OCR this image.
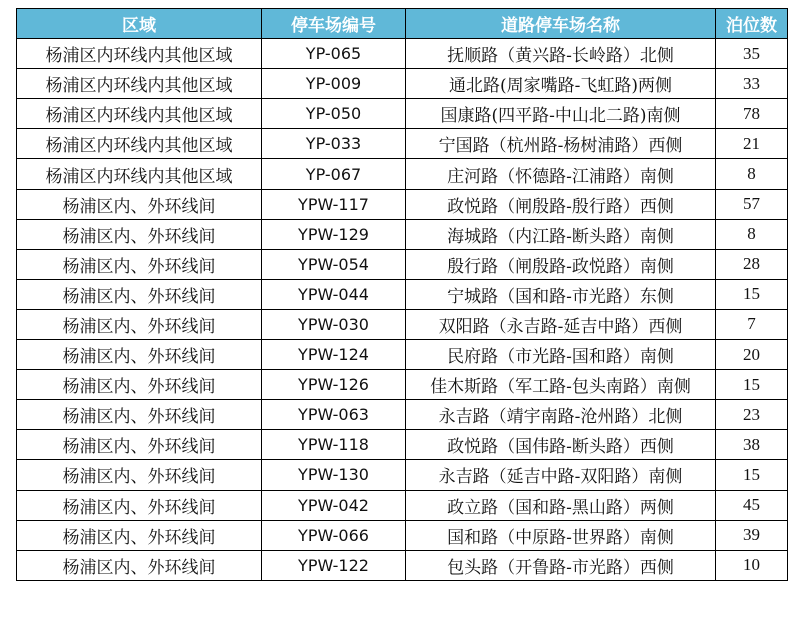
区域	停车场编号	道路停车场名称	泊位数
杨浦区内环线内其他区域	YP-065	抚顺路（黄兴路-长岭路）北侧	35
杨浦区内环线内其他区域	YP-009	通北路(周家嘴路-飞虹路)两侧	33
杨浦区内环线内其他区域	YP-050	国康路(四平路-中山北二路)南侧	78
杨浦区内环线内其他区域	YP-033	宁国路（杭州路-杨树浦路）西侧	21
杨浦区内环线内其他区域	YP-067	庄河路（怀德路-江浦路）南侧	8
杨浦区内、外环线间	YPW-117	政悦路（闸殷路-殷行路）西侧	57
杨浦区内、外环线间	YPW-129	海城路（内江路-断头路）南侧	8
杨浦区内、外环线间	YPW-054	殷行路（闸殷路-政悦路）南侧	28
杨浦区内、外环线间	YPW-044	宁城路（国和路-市光路）东侧	15
杨浦区内、外环线间	YPW-030	双阳路（永吉路-延吉中路）西侧	7
杨浦区内、外环线间	YPW-124	民府路（市光路-国和路）南侧	20
杨浦区内、外环线间	YPW-126	佳木斯路（军工路-包头南路）南侧	15
杨浦区内、外环线间	YPW-063	永吉路（靖宇南路-沧州路）北侧	23
杨浦区内、外环线间	YPW-118	政悦路（国伟路-断头路）西侧	38
杨浦区内、外环线间	YPW-130	永吉路（延吉中路-双阳路）南侧	15
杨浦区内、外环线间	YPW-042	政立路（国和路-黑山路）两侧	45
杨浦区内、外环线间	YPW-066	国和路（中原路-世界路）南侧	39
杨浦区内、外环线间	YPW-122	包头路（开鲁路-市光路）西侧	10
